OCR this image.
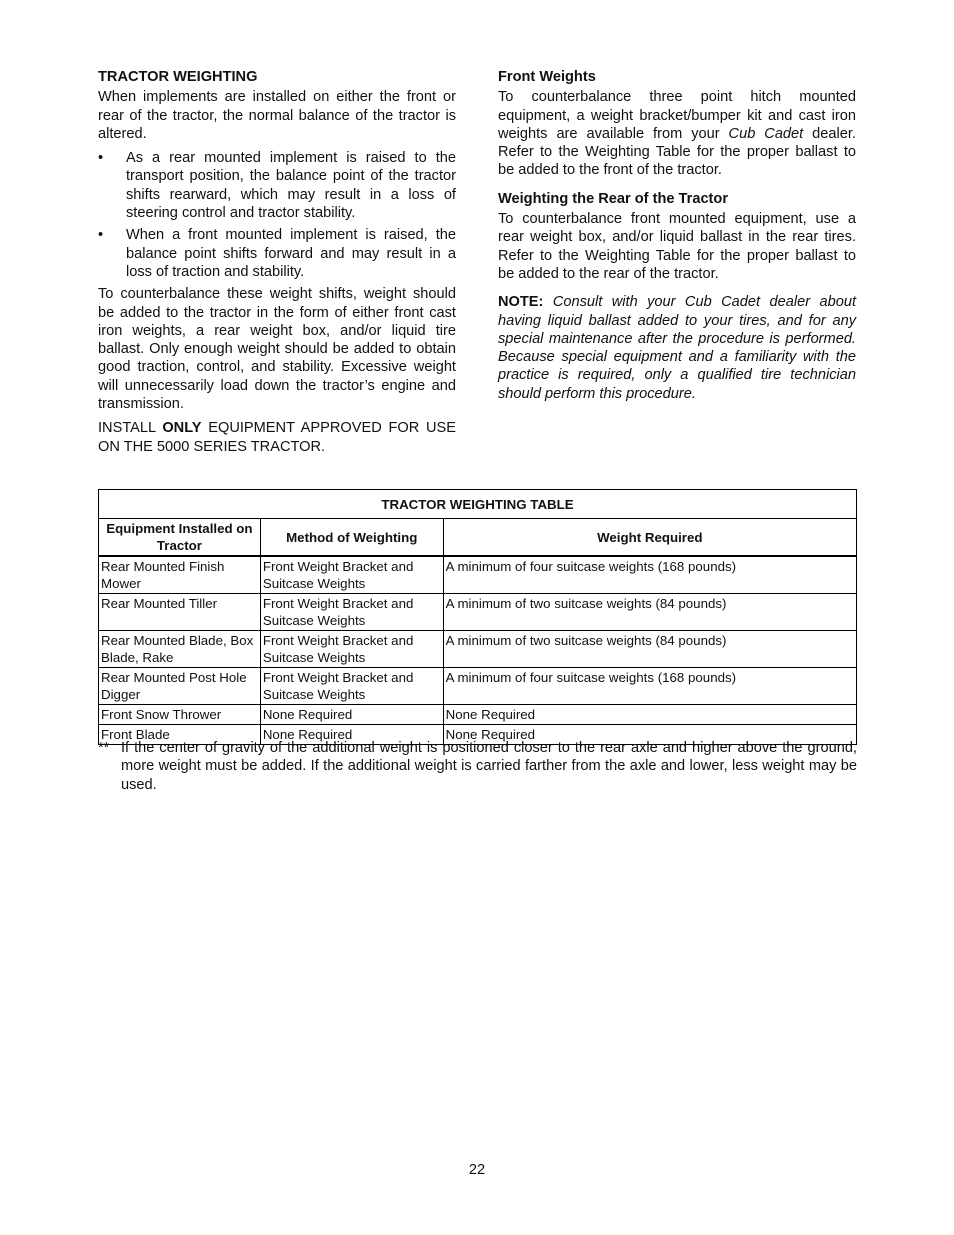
TRACTOR WEIGHTING

When implements are installed on either the front or rear of the tractor, the normal balance of the tractor is altered.

• As a rear mounted implement is raised to the transport position, the balance point of the tractor shifts rearward, which may result in a loss of steering control and tractor stability.
• When a front mounted implement is raised, the balance point shifts forward and may result in a loss of traction and stability.

To counterbalance these weight shifts, weight should be added to the tractor in the form of either front cast iron weights, a rear weight box, and/or liquid tire ballast. Only enough weight should be added to obtain good traction, control, and stability. Excessive weight will unnecessarily load down the tractor’s engine and transmission.

INSTALL ONLY EQUIPMENT APPROVED FOR USE ON THE 5000 SERIES TRACTOR.

Front Weights

To counterbalance three point hitch mounted equipment, a weight bracket/bumper kit and cast iron weights are available from your Cub Cadet dealer. Refer to the Weighting Table for the proper ballast to be added to the front of the tractor.

Weighting the Rear of the Tractor

To counterbalance front mounted equipment, use a rear weight box, and/or liquid ballast in the rear tires. Refer to the Weighting Table for the proper ballast to be added to the rear of the tractor.

NOTE: Consult with your Cub Cadet dealer about having liquid ballast added to your tires, and for any special maintenance after the procedure is performed. Because special equipment and a familiarity with the practice is required, only a qualified tire technician should perform this procedure.

TRACTOR WEIGHTING TABLE		
Equipment Installed on Tractor	Method of Weighting	Weight Required
Rear Mounted Finish Mower	Front Weight Bracket and Suitcase Weights	A minimum of four suitcase weights (168 pounds)
Rear Mounted Tiller	Front Weight Bracket and Suitcase Weights	A minimum of two suitcase weights (84 pounds)
Rear Mounted Blade, Box Blade, Rake	Front Weight Bracket and Suitcase Weights	A minimum of two suitcase weights (84 pounds)
Rear Mounted Post Hole Digger	Front Weight Bracket and Suitcase Weights	A minimum of four suitcase weights (168 pounds)
Front Snow Thrower	None Required	None Required
Front Blade	None Required	None Required
** If the center of gravity of the additional weight is positioned closer to the rear axle and higher above the ground, more weight must be added. If the additional weight is carried farther from the axle and lower, less weight may be used.
22
